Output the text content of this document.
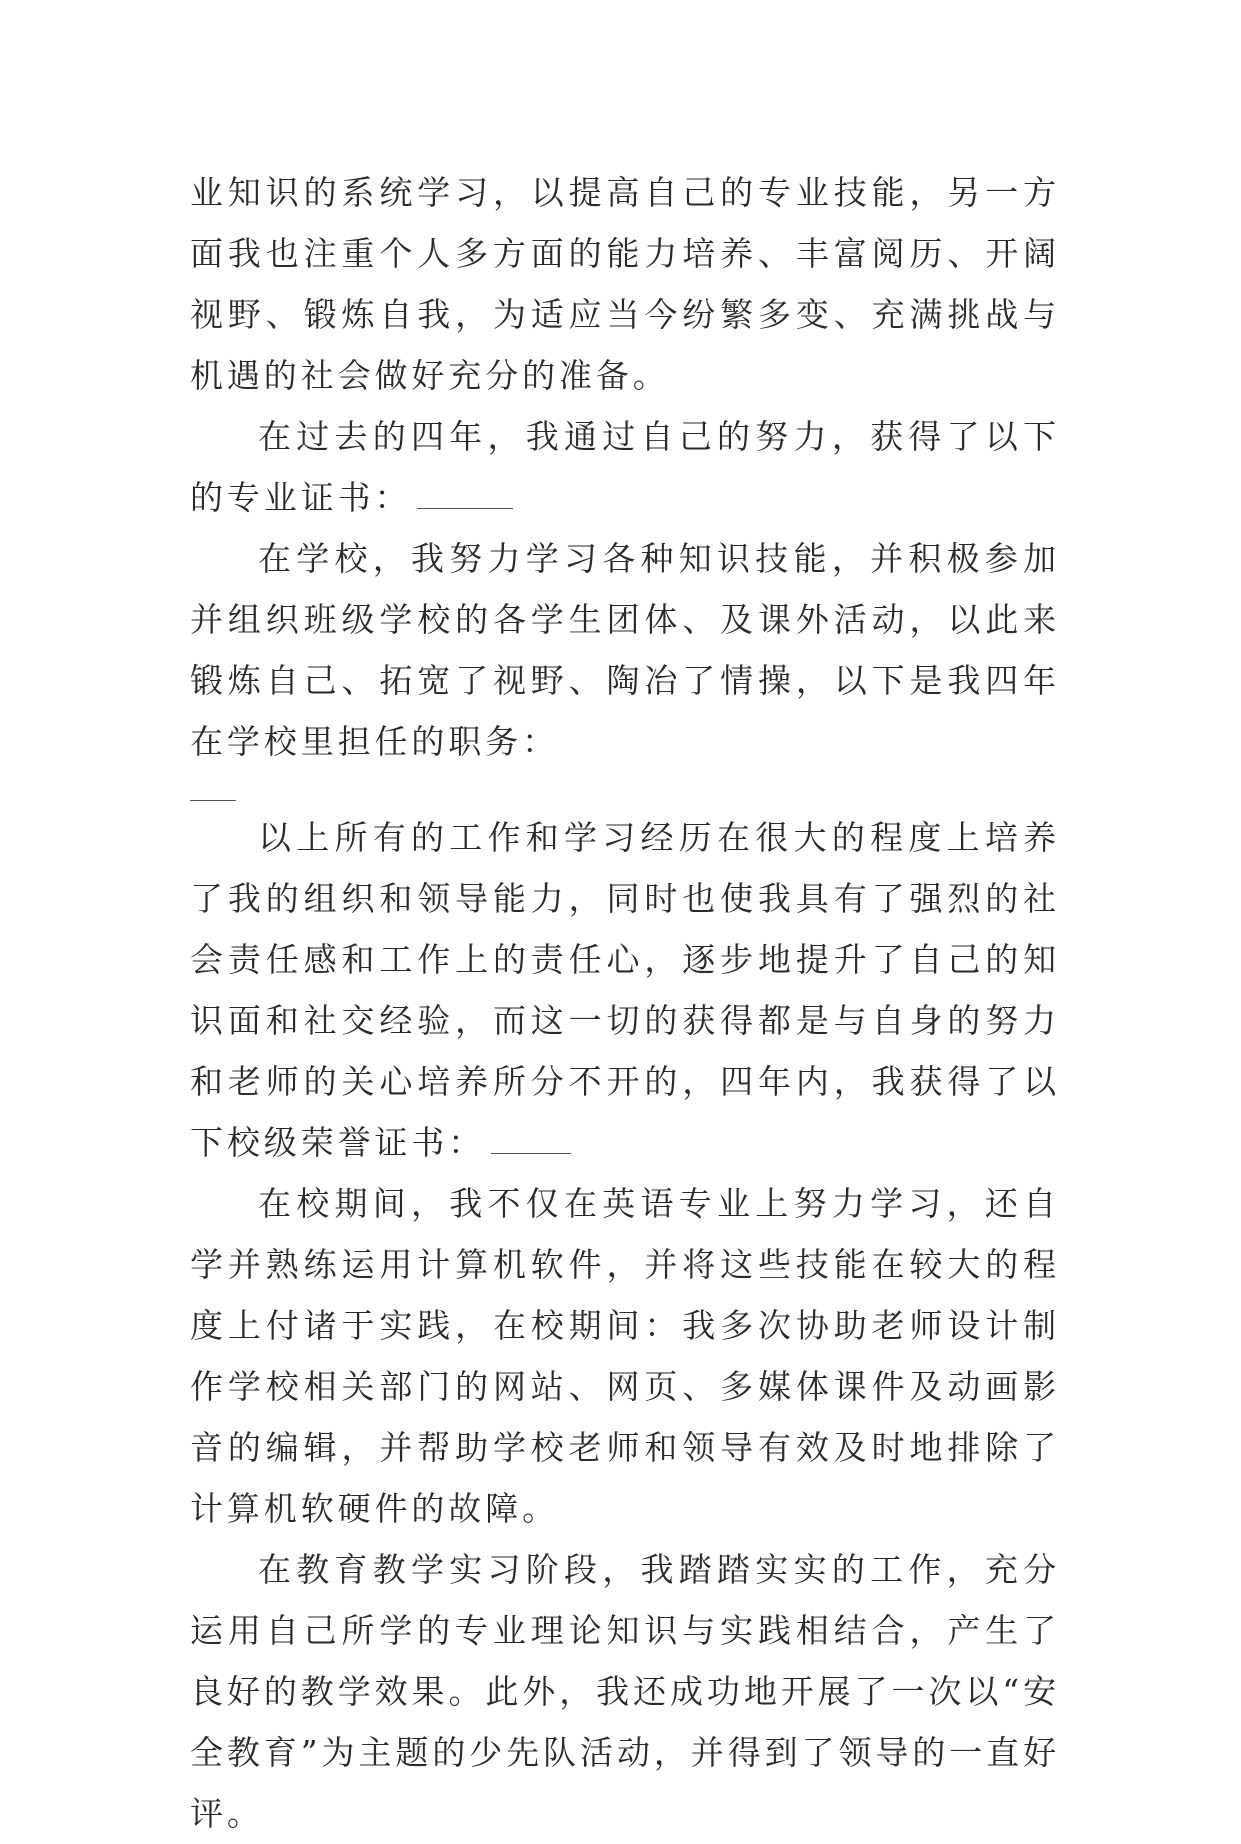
业知识的系统学习，以提高自己的专业技能，另一方面我也注重个人多方面的能力培养、丰富阅历、开阔视野、锻炼自我，为适应当今纷繁多变、充满挑战与机遇的社会做好充分的准备。

在过去的四年，我通过自己的努力，获得了以下的专业证书：

在学校，我努力学习各种知识技能，并积极参加并组织班级学校的各学生团体、及课外活动，以此来锻炼自己、拓宽了视野、陶冶了情操，以下是我四年在学校里担任的职务：

以上所有的工作和学习经历在很大的程度上培养了我的组织和领导能力，同时也使我具有了强烈的社会责任感和工作上的责任心，逐步地提升了自己的知识面和社交经验，而这一切的获得都是与自身的努力和老师的关心培养所分不开的，四年内，我获得了以下校级荣誉证书：

在校期间，我不仅在英语专业上努力学习，还自学并熟练运用计算机软件，并将这些技能在较大的程度上付诸于实践，在校期间：我多次协助老师设计制作学校相关部门的网站、网页、多媒体课件及动画影音的编辑，并帮助学校老师和领导有效及时地排除了计算机软硬件的故障。

在教育教学实习阶段，我踏踏实实的工作，充分运用自己所学的专业理论知识与实践相结合，产生了良好的教学效果。此外，我还成功地开展了一次以“安全教育”为主题的少先队活动，并得到了领导的一直好评。
